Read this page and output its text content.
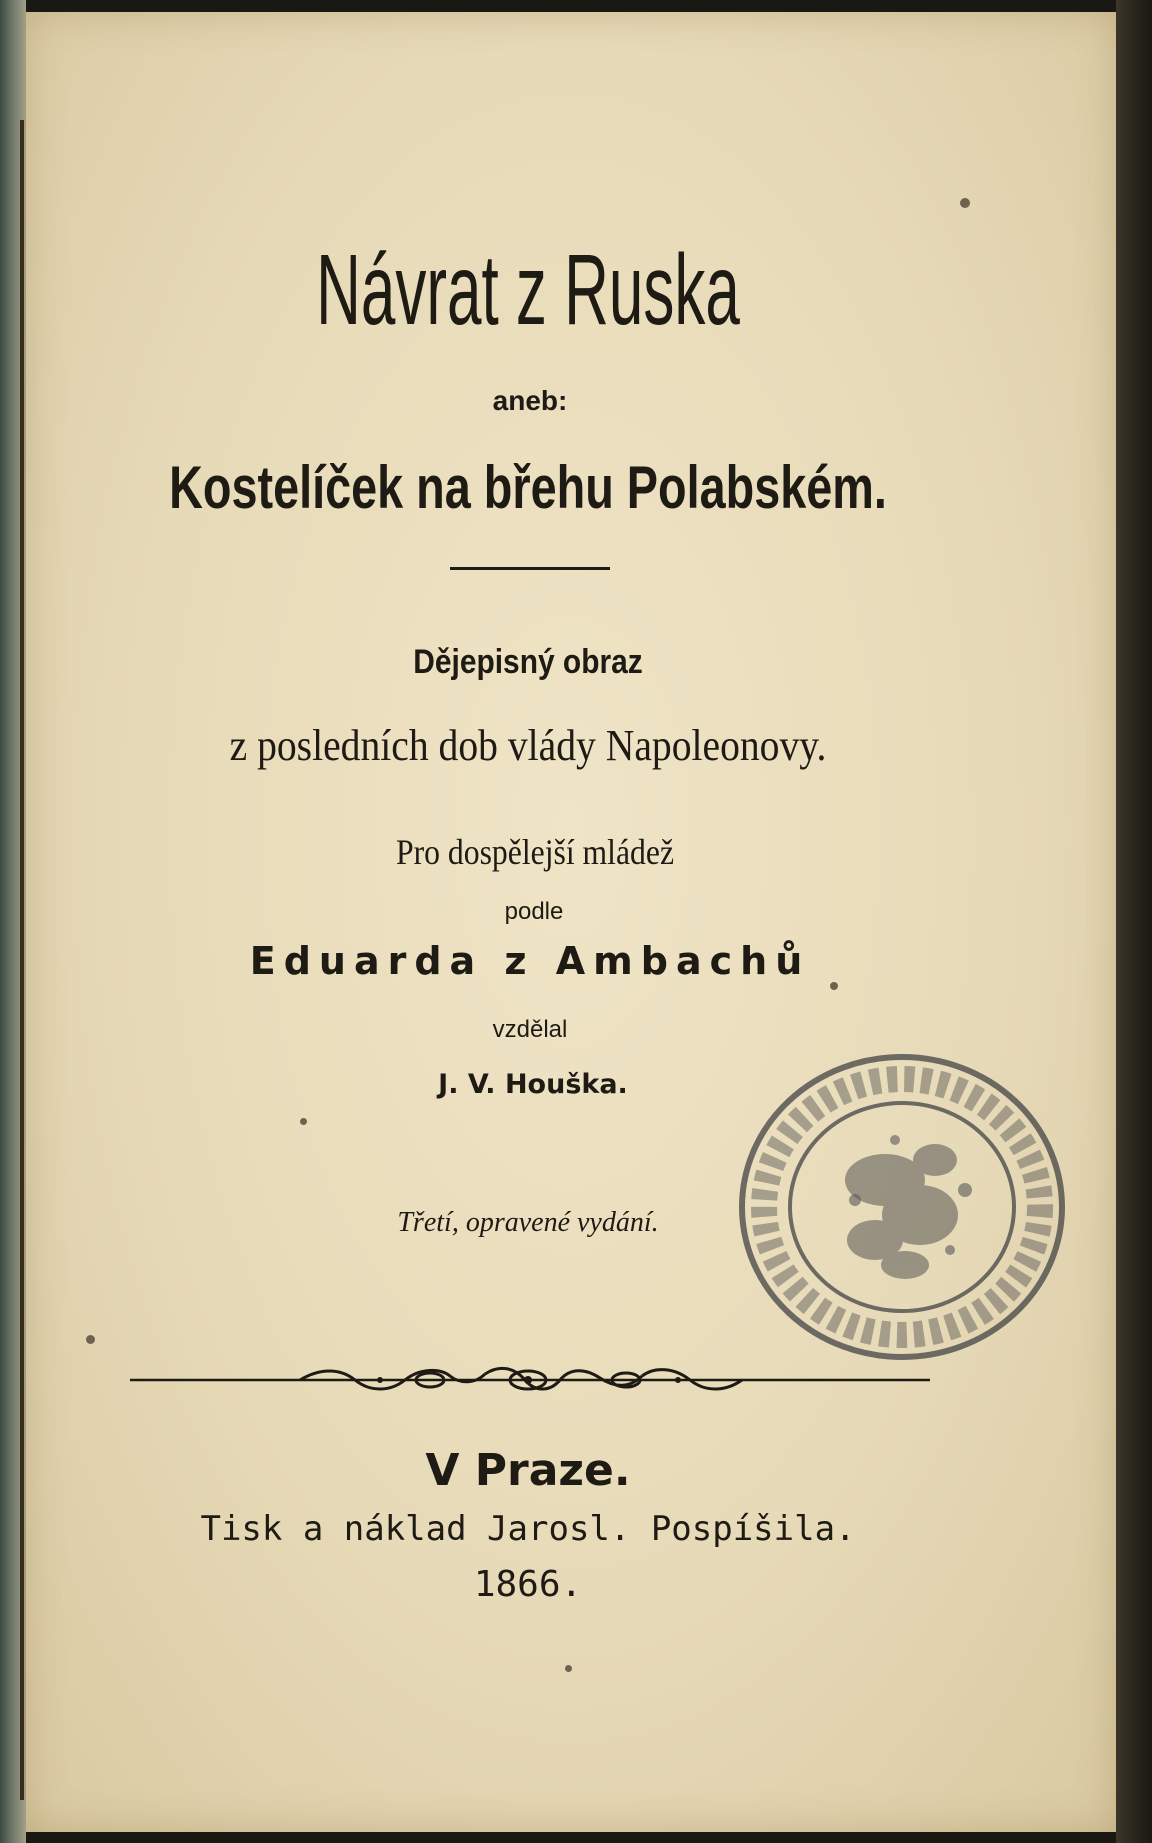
Návrat z Ruska
aneb:
Kostelíček na břehu Polabském.
Dějepisný obraz
z posledních dob vlády Napoleonovy.
Pro dospělejší mládež
podle
Eduarda z Ambachů
vzdělal
J. V. Houška.
Třetí, opravené vydání.
V Praze.
Tisk a náklad Jarosl. Pospíšila.
1866.
